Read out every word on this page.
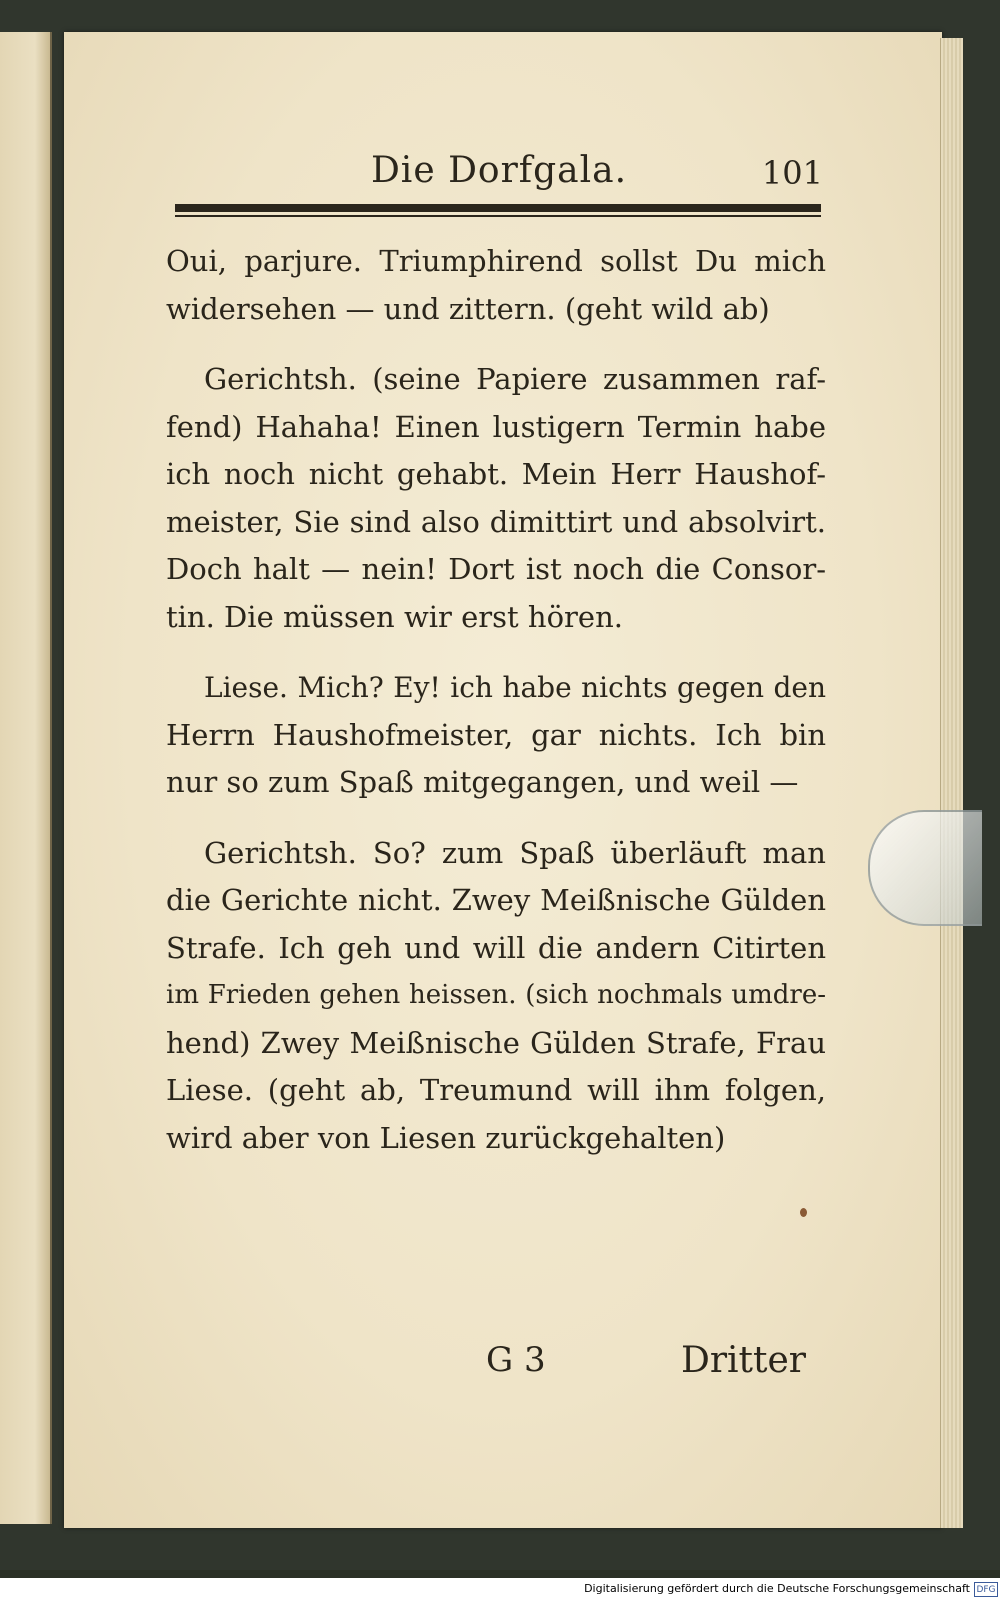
Die Dorfgala.	101

Oui, parjure. Triumphirend sollst Du mich
widersehen — und zittern. (geht wild ab)

Gerichtsh. (seine Papiere zusammen raf-
fend) Hahaha! Einen lustigern Termin habe
ich noch nicht gehabt. Mein Herr Haushof-
meister, Sie sind also dimittirt und absolvirt.
Doch halt — nein! Dort ist noch die Consor-
tin. Die müssen wir erst hören.

Liese. Mich? Ey! ich habe nichts gegen den
Herrn Haushofmeister, gar nichts. Ich bin
nur so zum Spaß mitgegangen, und weil —

Gerichtsh. So? zum Spaß überläuft man
die Gerichte nicht. Zwey Meißnische Gülden
Strafe. Ich geh und will die andern Citirten
im Frieden gehen heissen. (sich nochmals umdre-
hend) Zwey Meißnische Gülden Strafe, Frau
Liese. (geht ab, Treumund will ihm folgen,
wird aber von Liesen zurückgehalten)

G 3	Dritter
Digitalisierung gefördert durch die Deutsche Forschungsgemeinschaft DFG
